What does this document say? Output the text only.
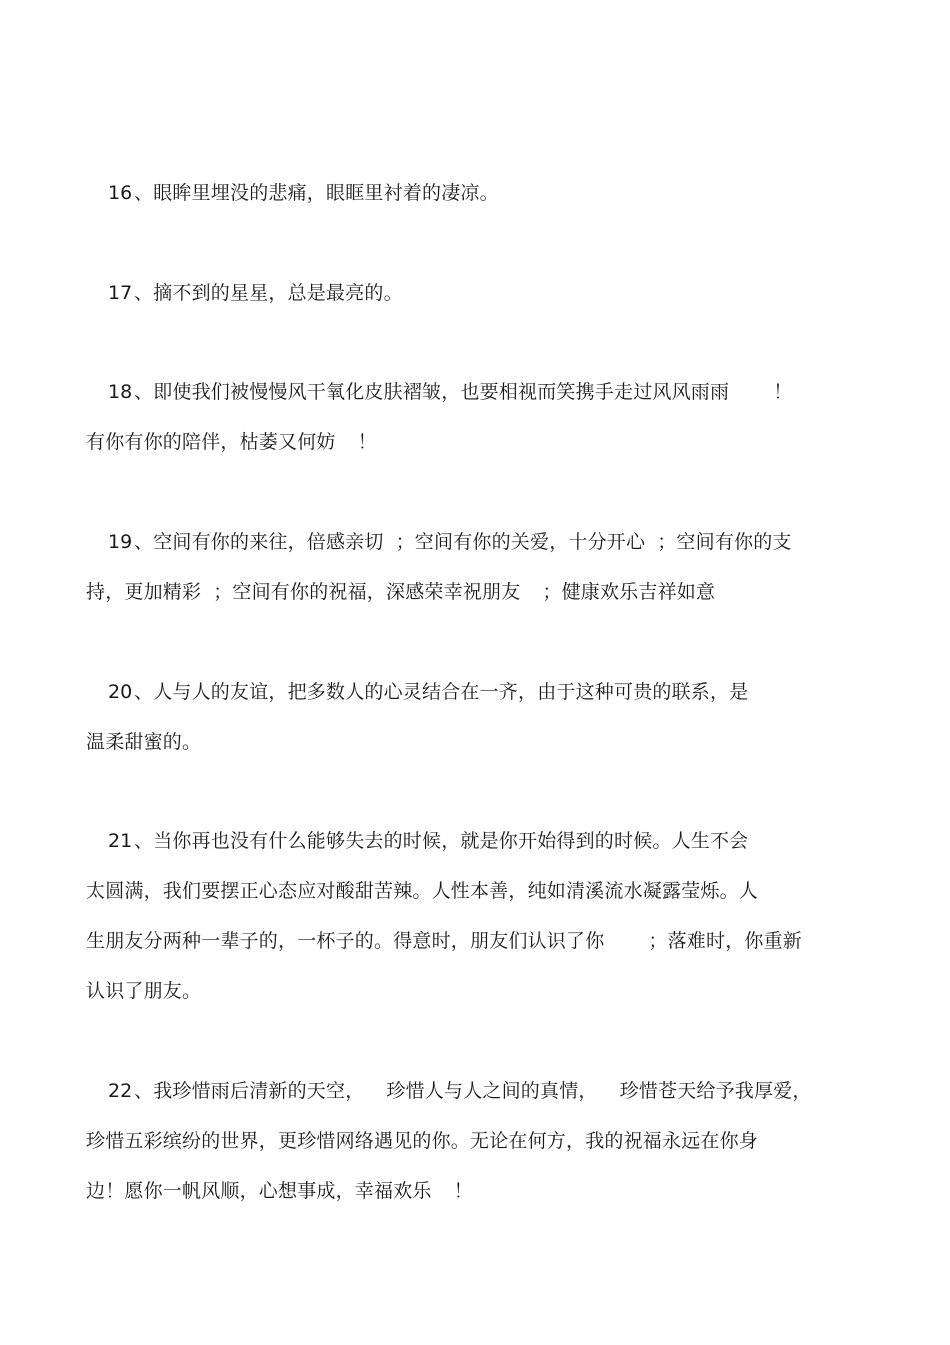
16、眼眸里埋没的悲痛，眼眶里衬着的凄凉。
17、摘不到的星星，总是最亮的。
18、即使我们被慢慢风干氧化皮肤褶皱，也要相视而笑携手走过风风雨雨 ！
有你有你的陪伴，枯萎又何妨 ！
19、空间有你的来往，倍感亲切 ；空间有你的关爱，十分开心 ；空间有你的支
持，更加精彩 ；空间有你的祝福，深感荣幸祝朋友 ；健康欢乐吉祥如意
20、人与人的友谊，把多数人的心灵结合在一齐，由于这种可贵的联系，是
温柔甜蜜的。
21、当你再也没有什么能够失去的时候，就是你开始得到的时候。人生不会
太圆满，我们要摆正心态应对酸甜苦辣。人性本善，纯如清溪流水凝露莹烁。人
生朋友分两种一辈子的，一杯子的。得意时，朋友们认识了你 ；落难时，你重新
认识了朋友。
22、我珍惜雨后清新的天空， 珍惜人与人之间的真情， 珍惜苍天给予我厚爱，
珍惜五彩缤纷的世界，更珍惜网络遇见的你。无论在何方，我的祝福永远在你身
边！愿你一帆风顺，心想事成，幸福欢乐 ！
